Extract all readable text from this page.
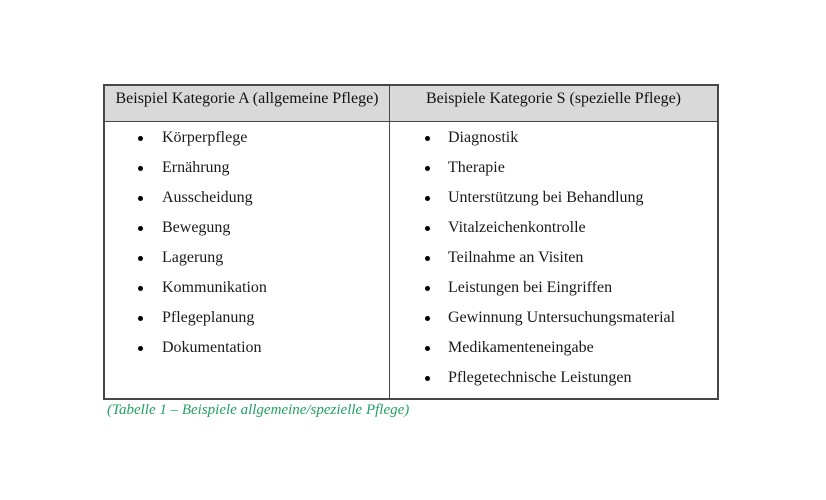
Beispiel Kategorie A (allgemeine Pflege)	Beispiele Kategorie S (spezielle Pflege)
Körperpflege
Ernährung
Ausscheidung
Bewegung
Lagerung
Kommunikation
Pflegeplanung
Dokumentation
Diagnostik
Therapie
Unterstützung bei Behandlung
Vitalzeichenkontrolle
Teilnahme an Visiten
Leistungen bei Eingriffen
Gewinnung Untersuchungsmaterial
Medikamenteneingabe
Pflegetechnische Leistungen
(Tabelle 1 – Beispiele allgemeine/spezielle Pflege)
